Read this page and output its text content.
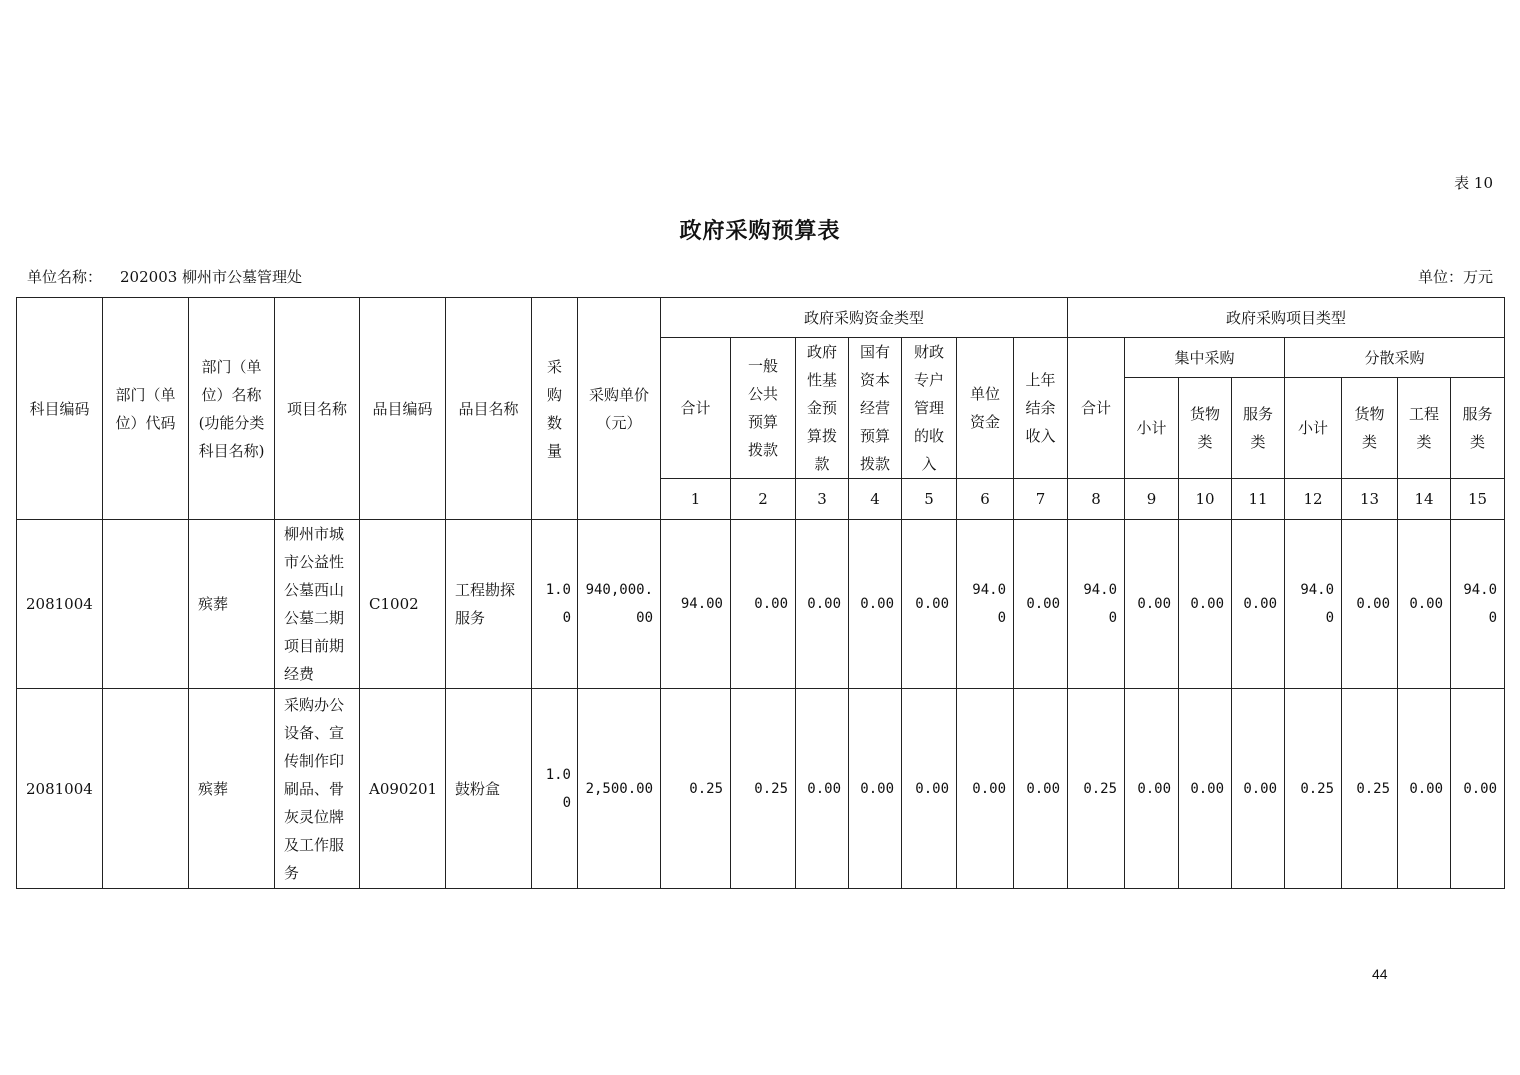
表 10
政府采购预算表
单位名称： 202003 柳州市公墓管理处	单位：万元
科目编码	部门（单位）代码	部门（单位）名称(功能分类科目名称)	项目名称	品目编码	品目名称	采购数量	采购单价（元）	政府采购资金类型							政府采购项目类型							
								合计	一般公共预算拨款	政府性基金预算拨款	国有资本经营预算拨款	财政专户管理的收入	单位资金	上年结余收入	合计	集中采购			分散采购			
																小计	货物类	服务类	小计	货物类	工程类	服务类
								1	2	3	4	5	6	7	8	9	10	11	12	13	14	15
2081004		殡葬	柳州市城市公益性公墓西山公墓二期项目前期经费	C1002	工程勘探服务	1.00	940,000.00	94.00	0.00	0.00	0.00	0.00	94.00	0.00	94.00	0.00	0.00	0.00	94.00	0.00	0.00	94.00
2081004		殡葬	采购办公设备、宣传制作印刷品、骨灰灵位牌及工作服务	A090201	鼓粉盒	1.00	2,500.00	0.25	0.25	0.00	0.00	0.00	0.00	0.00	0.25	0.00	0.00	0.00	0.25	0.25	0.00	0.00
44
